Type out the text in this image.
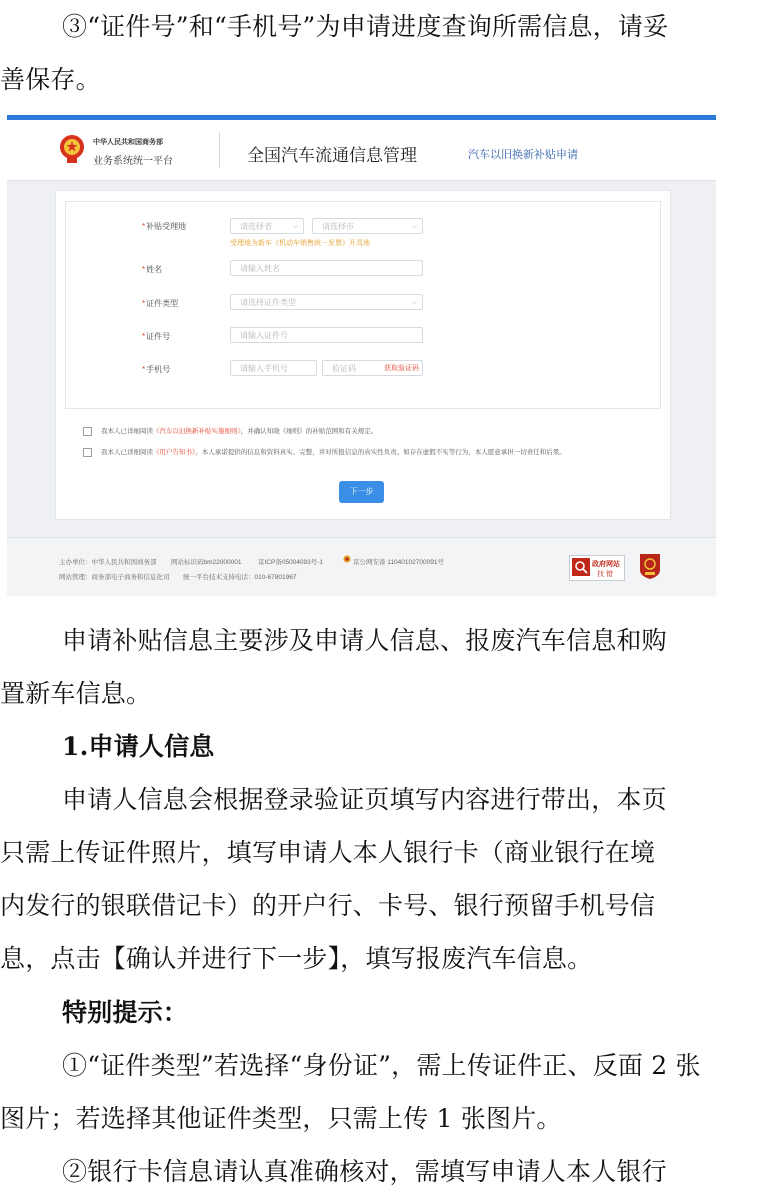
③“证件号”和“手机号”为申请进度查询所需信息，请妥
善保存。
中华人民共和国商务部
业务系统统一平台	全国汽车流通信息管理	汽车以旧换新补贴申请
*补贴受理地	请选择省	⌵	请选择市	⌵
受理地为新车《机动车销售统一发票》开具地
*姓名	请输入姓名
*证件类型	请选择证件类型	⌵
*证件号	请输入证件号
*手机号	请输入手机号	验证码	获取验证码
我本人已详细阅读《汽车以旧换新补贴实施细则》，并确认知晓《细则》的补贴范围和有关规定。
我本人已详细阅读《用户告知书》，本人承诺提供的信息和资料真实、完整，并对所报信息的真实性负责。如存在虚假不实等行为，本人愿意承担一切责任和后果。
下一步
主办单位：中华人民共和国商务部 网站标识码bm22000001	京ICP备05004093号-1	京公网安备 11040102700091号
网站管理：商务部电子商务和信息化司 统一平台技术支持电话：010-67801967
政府网站
找 错
申请补贴信息主要涉及申请人信息、报废汽车信息和购
置新车信息。
1.申请人信息
申请人信息会根据登录验证页填写内容进行带出，本页
只需上传证件照片，填写申请人本人银行卡（商业银行在境
内发行的银联借记卡）的开户行、卡号、银行预留手机号信
息，点击【确认并进行下一步】，填写报废汽车信息。
特别提示：
①“证件类型”若选择“身份证”，需上传证件正、反面 2 张
图片；若选择其他证件类型，只需上传 1 张图片。
②银行卡信息请认真准确核对，需填写申请人本人银行
